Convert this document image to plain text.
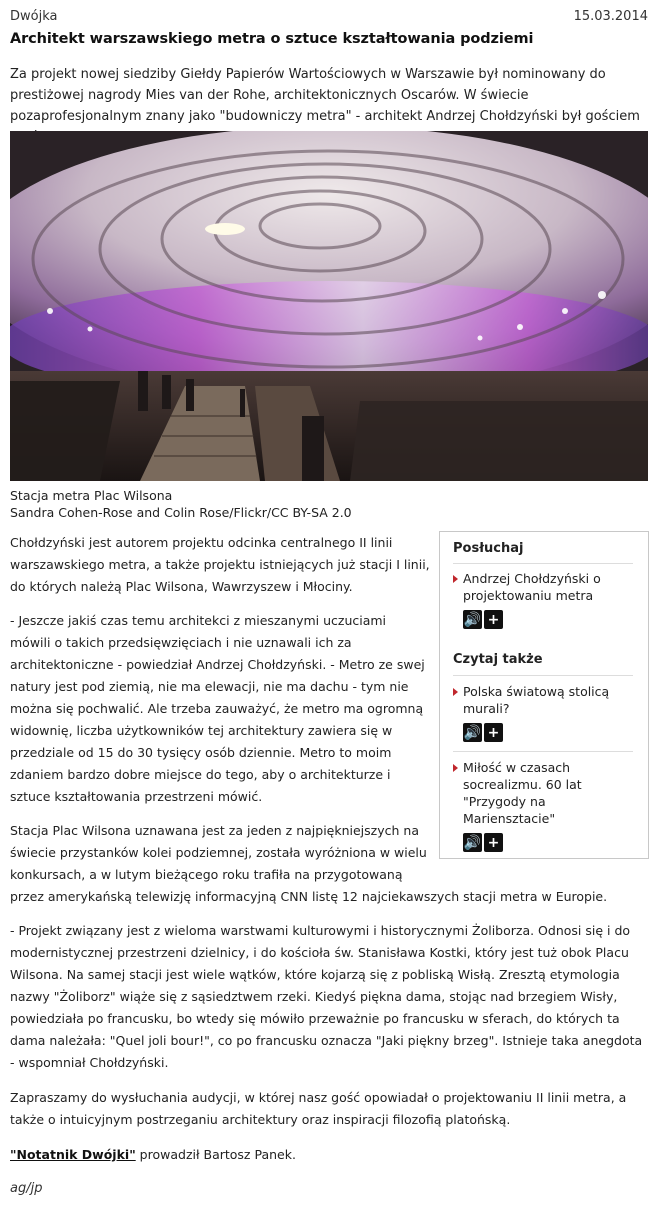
Dwójka	15.03.2014
Architekt warszawskiego metra o sztuce kształtowania podziemi

Za projekt nowej siedziby Giełdy Papierów Wartościowych w Warszawie był nominowany do prestiżowej nagrody Mies van der Rohe, architektonicznych Oscarów. W świecie pozaprofesjonalnym znany jako "budowniczy metra" - architekt Andrzej Chołdzyński był gościem

Stacja metra Plac Wilsona
Sandra Cohen-Rose and Colin Rose/Flickr/CC BY-SA 2.0

Chołdzyński jest autorem projektu odcinka centralnego II linii warszawskiego metra, a także projektu istniejących już stacji I linii, do których należą Plac Wilsona, Wawrzyszew i Młociny.

- Jeszcze jakiś czas temu architekci z mieszanymi uczuciami mówili o takich przedsięwzięciach i nie uznawali ich za architektoniczne - powiedział Andrzej Chołdzyński. - Metro ze swej natury jest pod ziemią, nie ma elewacji, nie ma dachu - tym nie można się pochwalić. Ale trzeba zauważyć, że metro ma ogromną widownię, liczba użytkowników tej architektury zawiera się w przedziale od 15 do 30 tysięcy osób dziennie. Metro to moim zdaniem bardzo dobre miejsce do tego, aby o architekturze i sztuce kształtowania przestrzeni mówić.

Stacja Plac Wilsona uznawana jest za jeden z najpiękniejszych na świecie przystanków kolei podziemnej, została wyróżniona w wielu konkursach, a w lutym bieżącego roku trafiła na przygotowaną

przez amerykańską telewizję informacyjną CNN listę 12 najciekawszych stacji metra w Europie.

- Projekt związany jest z wieloma warstwami kulturowymi i historycznymi Żoliborza. Odnosi się i do modernistycznej przestrzeni dzielnicy, i do kościoła św. Stanisława Kostki, który jest tuż obok Placu Wilsona. Na samej stacji jest wiele wątków, które kojarzą się z pobliską Wisłą. Zresztą etymologia nazwy "Żoliborz" wiąże się z sąsiedztwem rzeki. Kiedyś piękna dama, stojąc nad brzegiem Wisły, powiedziała po francusku, bo wtedy się mówiło przeważnie po francusku w sferach, do których ta dama należała: "Quel joli bour!", co po francusku oznacza "Jaki piękny brzeg". Istnieje taka anegdota - wspomniał Chołdzyński.

Zapraszamy do wysłuchania audycji, w której nasz gość opowiadał o projektowaniu II linii metra, a także o intuicyjnym postrzeganiu architektury oraz inspiracji filozofią platońską.

"Notatnik Dwójki" prowadził Bartosz Panek.

ag/jp
Posłuchaj
Andrzej Chołdzyński o projektowaniu metra
🔊 +
Czytaj także
Polska światową stolicą murali?
🔊 +
Miłość w czasach socrealizmu. 60 lat "Przygody na Mariensztacie"
🔊 +
